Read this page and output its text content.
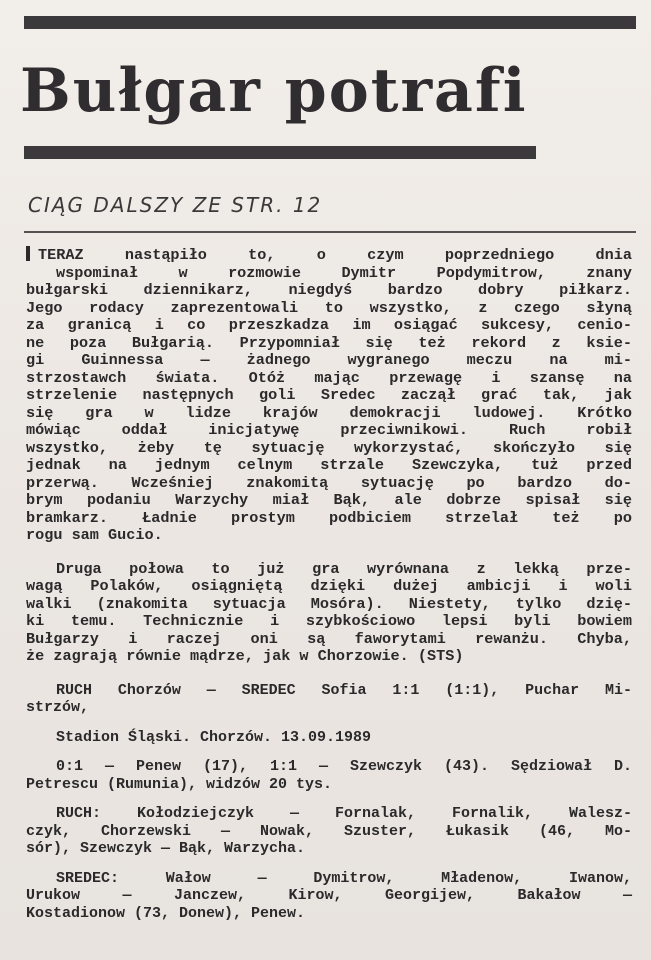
Bułgar potrafi
CIĄG DALSZY ZE STR. 12

TERAZ	nastąpiło to, o czym poprzedniego dnia

wspominał w rozmowie Dymitr Popdymitrow, znany

bułgarski dziennikarz, niegdyś bardzo dobry piłkarz.

Jego rodacy zaprezentowali to wszystko, z czego słyną

za granicą i co przeszkadza im osiągać sukcesy, cenio-

ne poza Bułgarią. Przypomniał się też rekord z ksie-

gi Guinnessa — żadnego wygranego meczu na mi-

strzostawch świata. Otóż mając przewagę i szansę na

strzelenie następnych goli Sredec zaczął grać tak, jak

się gra w lidze krajów demokracji ludowej. Krótko

mówiąc oddał inicjatywę przeciwnikowi. Ruch robił

wszystko, żeby tę sytuację wykorzystać, skończyło się

jednak na jednym celnym strzale Szewczyka, tuż przed

przerwą. Wcześniej znakomitą sytuację po bardzo do-

brym podaniu Warzychy miał Bąk, ale dobrze spisał się

bramkarz. Ładnie prostym podbiciem strzelał też po

rogu sam Gucio.

Druga połowa to już gra wyrównana z lekką prze-

wagą Polaków, osiągniętą dzięki dużej ambicji i woli

walki (znakomita sytuacja Mosóra). Niestety, tylko dzię-

ki temu. Technicznie i szybkościowo lepsi byli bowiem

Bułgarzy i raczej oni są faworytami rewanżu. Chyba,

że zagrają równie mądrze, jak w Chorzowie. (STS)

RUCH Chorzów — SREDEC Sofia 1:1 (1:1), Puchar Mi-

strzów,

Stadion Śląski. Chorzów. 13.09.1989

0:1 — Penew (17), 1:1 — Szewczyk (43). Sędziował D.

Petrescu (Rumunia), widzów 20 tys.

RUCH: Kołodziejczyk — Fornalak, Fornalik, Walesz-

czyk, Chorzewski — Nowak, Szuster, Łukasik (46, Mo-

sór), Szewczyk — Bąk, Warzycha.

SREDEC: Wałow — Dymitrow, Mładenow, Iwanow,

Urukow — Janczew, Kirow, Georgijew, Bakałow —

Kostadionow (73, Donew), Penew.
